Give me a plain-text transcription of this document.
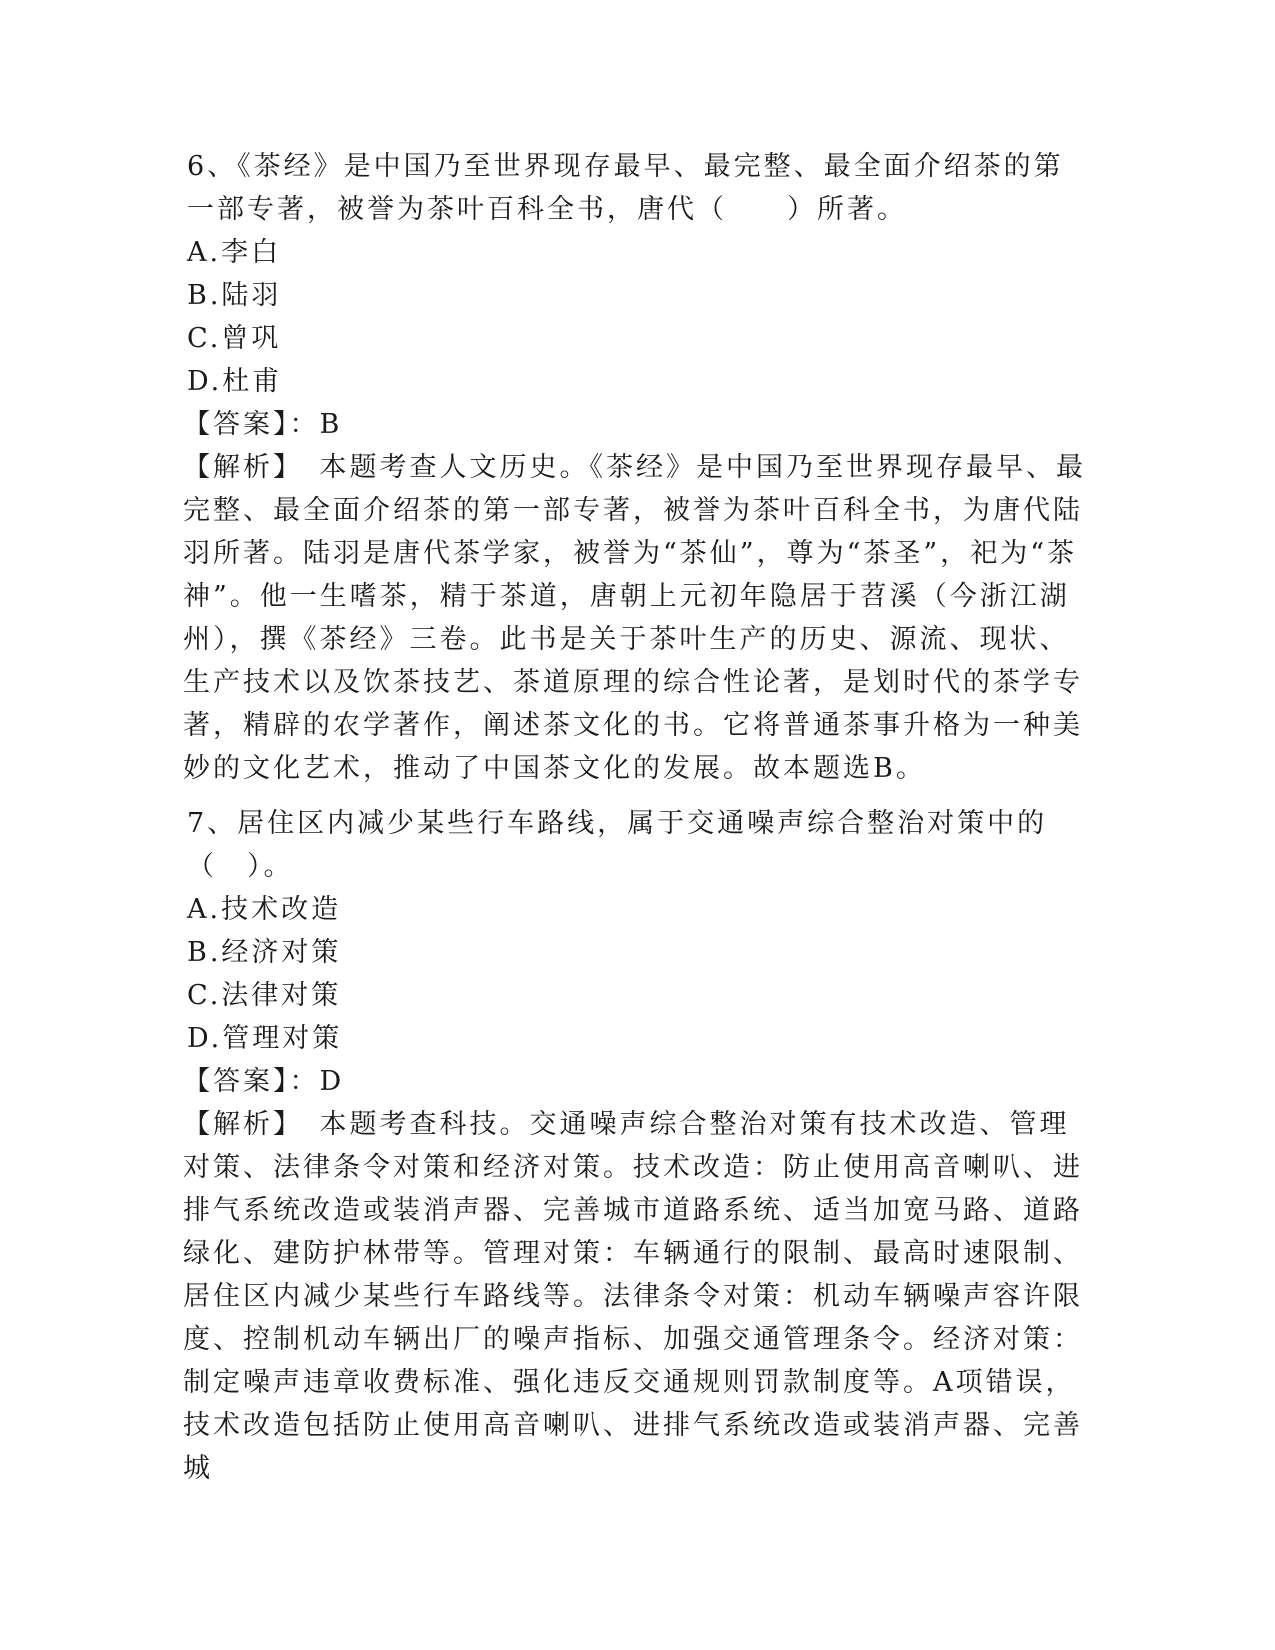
6、《茶经》是中国乃至世界现存最早、最完整、最全面介绍茶的第一部专著，被誉为茶叶百科全书，唐代（　　）所著。

A.李白

B.陆羽

C.曾巩

D.杜甫

【答案】：B

【解析】　本题考查人文历史。《茶经》是中国乃至世界现存最早、最完整、最全面介绍茶的第一部专著，被誉为茶叶百科全书，为唐代陆羽所著。陆羽是唐代茶学家，被誉为“茶仙”，尊为“茶圣”，祀为“茶神”。他一生嗜茶，精于茶道，唐朝上元初年隐居于苕溪（今浙江湖州），撰《茶经》三卷。此书是关于茶叶生产的历史、源流、现状、生产技术以及饮茶技艺、茶道原理的综合性论著，是划时代的茶学专著，精辟的农学著作，阐述茶文化的书。它将普通茶事升格为一种美妙的文化艺术，推动了中国茶文化的发展。故本题选B。

7、居住区内减少某些行车路线，属于交通噪声综合整治对策中的（　）。

A.技术改造

B.经济对策

C.法律对策

D.管理对策

【答案】：D

【解析】　本题考查科技。交通噪声综合整治对策有技术改造、管理对策、法律条令对策和经济对策。技术改造：防止使用高音喇叭、进排气系统改造或装消声器、完善城市道路系统、适当加宽马路、道路绿化、建防护林带等。管理对策：车辆通行的限制、最高时速限制、居住区内减少某些行车路线等。法律条令对策：机动车辆噪声容许限度、控制机动车辆出厂的噪声指标、加强交通管理条令。经济对策：制定噪声违章收费标准、强化违反交通规则罚款制度等。A项错误，技术改造包括防止使用高音喇叭、进排气系统改造或装消声器、完善城
